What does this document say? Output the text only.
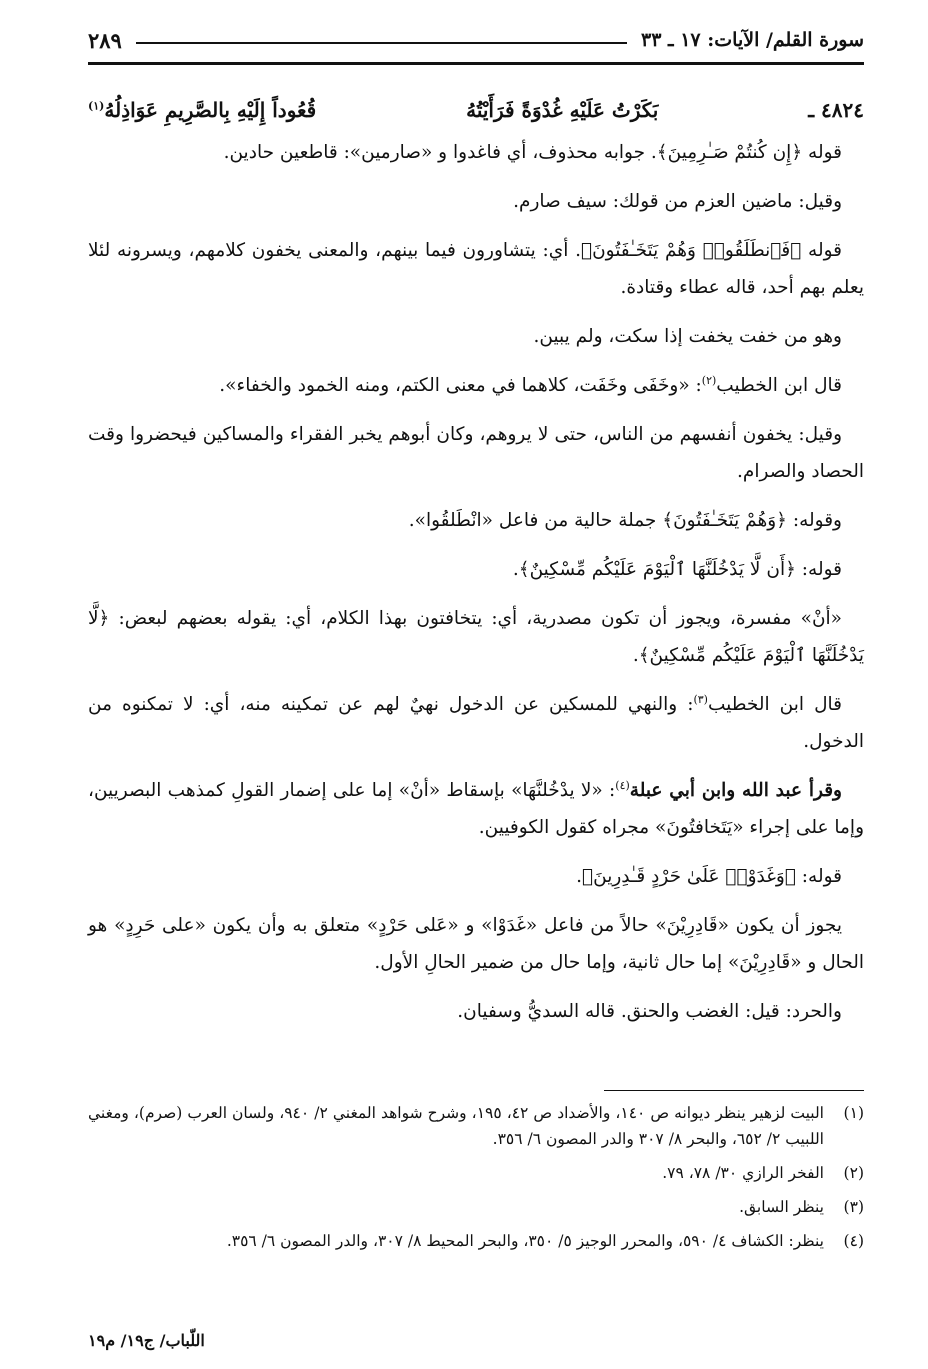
سورة القلم/ الآيات: ١٧ ـ ٣٣
٢٨٩
٤٨٢٤ ـ
بَكَرْتُ عَلَيْهِ غُدْوَةً فَرَأَيْتُهُ
قُعُوداً إِلَيْهِ بِالصَّرِيمِ عَوَاذِلُهُ$^{(١)}$

قوله ﴿إِن كُنتُمْ صَـٰرِمِينَ﴾. جوابه محذوف، أي فاغدوا و «صارمين»: قاطعين حادين.

وقيل: ماضين العزم من قولك: سيف صارم.

قوله ﴿فَٱنطَلَقُوا۟ وَهُمْ يَتَخَـٰفَتُونَ﴾. أي: يتشاورون فيما بينهم، والمعنى يخفون كلامهم، ويسرونه لئلا يعلم بهم أحد، قاله عطاء وقتادة.

وهو من خفت يخفت إذا سكت، ولم يبين.

قال ابن الخطيب$^{(٢)}$: «وخَفَى وخَفَت، كلاهما في معنى الكتم، ومنه الخمود والخفاء».

وقيل: يخفون أنفسهم من الناس، حتى لا يروهم، وكان أبوهم يخبر الفقراء والمساكين فيحضروا وقت الحصاد والصرام.

وقوله: ﴿وَهُمْ يَتَخَـٰفَتُونَ﴾ جملة حالية من فاعل «انْطَلقُوا».

قوله: ﴿أَن لَّا يَدْخُلَنَّهَا ٱلْيَوْمَ عَلَيْكُم مِّسْكِينٌ﴾.

«أنْ» مفسرة، ويجوز أن تكون مصدرية، أي: يتخافتون بهذا الكلام، أي: يقوله بعضهم لبعض: ﴿لَّا يَدْخُلَنَّهَا ٱلْيَوْمَ عَلَيْكُم مِّسْكِينٌ﴾.

قال ابن الخطيب$^{(٣)}$: والنهي للمسكين عن الدخول نهيٌ لهم عن تمكينه منه، أي: لا تمكنوه من الدخول.

وقرأ عبد الله وابن أبي عبلة$^{(٤)}$: «لا يدْخُلنَّهَا» بإسقاط «أنْ» إما على إضمار القولِ كمذهب البصريين، وإما على إجراء «يَتَخافتُونَ» مجراه كقول الكوفيين.

قوله: ﴿وَغَدَوْا۟ عَلَىٰ حَرْدٍ قَـٰدِرِينَ﴾.

يجوز أن يكون «قَادِرِيْنَ» حالاً من فاعل «غَدَوْا» و «عَلى حَرْدٍ» متعلق به وأن يكون «على حَرِدٍ» هو الحال و «قَادِرِيْنَ» إما حال ثانية، وإما حال من ضمير الحالِ الأول.

والحرد: قيل: الغضب والحنق. قاله السديُّ وسفيان.

(١)
البيت لزهير ينظر ديوانه ص ١٤٠، والأضداد ص ٤٢، ١٩٥، وشرح شواهد المغني ٢/ ٩٤٠، ولسان العرب (صرم)، ومغني اللبيب ٢/ ٦٥٢، والبحر ٨/ ٣٠٧ والدر المصون ٦/ ٣٥٦.
(٢)
الفخر الرازي ٣٠/ ٧٨، ٧٩.
(٣)
ينظر السابق.
(٤)
ينظر: الكشاف ٤/ ٥٩٠، والمحرر الوجيز ٥/ ٣٥٠، والبحر المحيط ٨/ ٣٠٧، والدر المصون ٦/ ٣٥٦.
اللّباب/ ج١٩/ م١٩
